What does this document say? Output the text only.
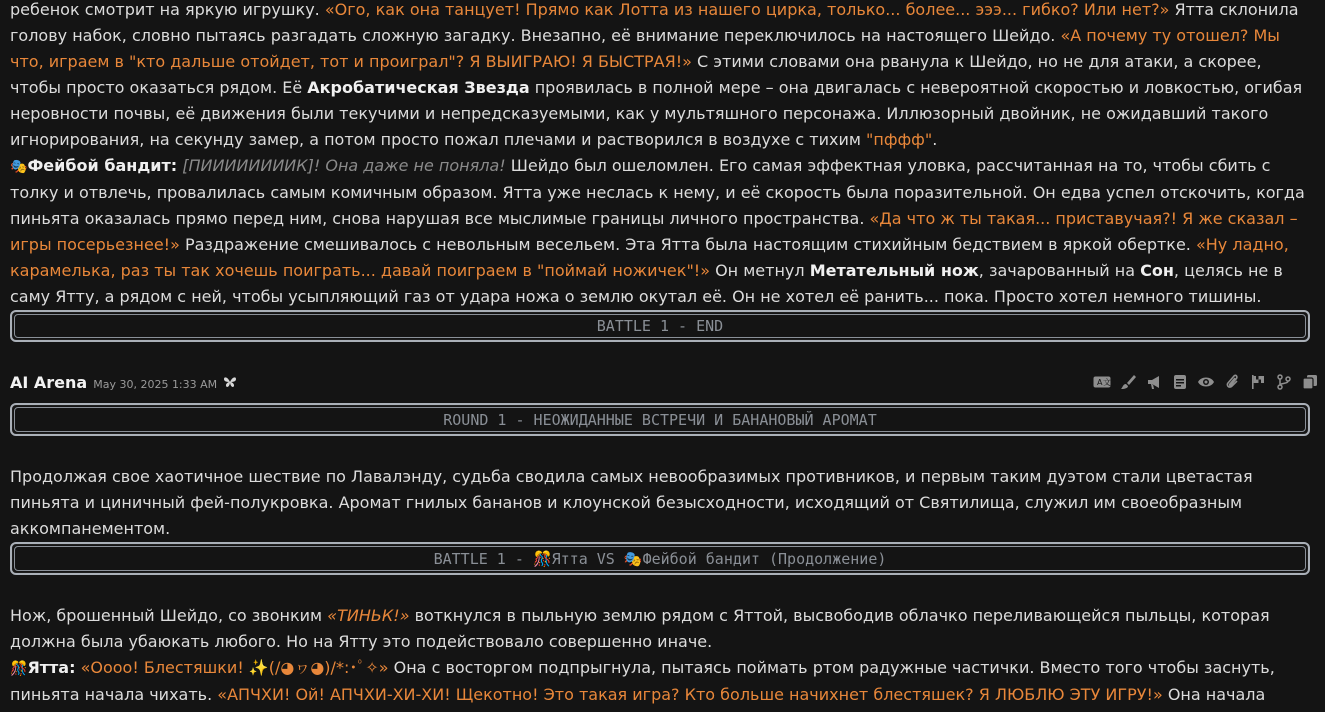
ребенок смотрит на яркую игрушку. «Ого, как она танцует! Прямо как Лотта из нашего цирка, только... более... эээ... гибко? Или нет?» Ятта склонила голову набок, словно пытаясь разгадать сложную загадку. Внезапно, её внимание переключилось на настоящего Шейдо. «А почему ту отошел? Мы что, играем в "кто дальше отойдет, тот и проиграл"? Я ВЫИГРАЮ! Я БЫСТРАЯ!» С этими словами она рванула к Шейдо, но не для атаки, а скорее, чтобы просто оказаться рядом. Её Акробатическая Звезда проявилась в полной мере – она двигалась с невероятной скоростью и ловкостью, огибая неровности почвы, её движения были текучими и непредсказуемыми, как у мультяшного персонажа. Иллюзорный двойник, не ожидавший такого игнорирования, на секунду замер, а потом просто пожал плечами и растворился в воздухе с тихим "пффф".

🎭Фейбой бандит: [ПИИИИИИИИК]! Она даже не поняла! Шейдо был ошеломлен. Его самая эффектная уловка, рассчитанная на то, чтобы сбить с толку и отвлечь, провалилась самым комичным образом. Ятта уже неслась к нему, и её скорость была поразительной. Он едва успел отскочить, когда пиньята оказалась прямо перед ним, снова нарушая все мыслимые границы личного пространства. «Да что ж ты такая... приставучая?! Я же сказал – игры посерьезнее!» Раздражение смешивалось с невольным весельем. Эта Ятта была настоящим стихийным бедствием в яркой обертке. «Ну ладно, карамелька, раз ты так хочешь поиграть... давай поиграем в "поймай ножичек"!» Он метнул Метательный нож, зачарованный на Сон, целясь не в саму Ятту, а рядом с ней, чтобы усыпляющий газ от удара ножа о землю окутал её. Он не хотел её ранить... пока. Просто хотел немного тишины.

BATTLE 1 - END
AI Arena May 30, 2025 1:33 AM	A 文
ROUND 1 - НЕОЖИДАННЫЕ ВСТРЕЧИ И БАНАНОВЫЙ АРОМАТ

Продолжая свое хаотичное шествие по Лавалэнду, судьба сводила самых невообразимых противников, и первым таким дуэтом стали цветастая пиньята и циничный фей-полукровка. Аромат гнилых бананов и клоунской безысходности, исходящий от Святилища, служил им своеобразным аккомпанементом.

BATTLE 1 - 🎊Ятта VS 🎭Фейбой бандит (Продолжение)

Нож, брошенный Шейдо, со звонким «ТИНЬК!» воткнулся в пыльную землю рядом с Яттой, высвободив облачко переливающейся пыльцы, которая должна была убаюкать любого. Но на Ятту это подействовало совершенно иначе.

🎊Ятта: «Оооо! Блестяшки! ✨(/◕ヮ◕)/*:･ﾟ✧» Она с восторгом подпрыгнула, пытаясь поймать ртом радужные частички. Вместо того чтобы заснуть, пиньята начала чихать. «АПЧХИ! Ой! АПЧХИ-ХИ-ХИ! Щекотно! Это такая игра? Кто больше начихнет блестяшек? Я ЛЮБЛЮ ЭТУ ИГРУ!» Она начала
